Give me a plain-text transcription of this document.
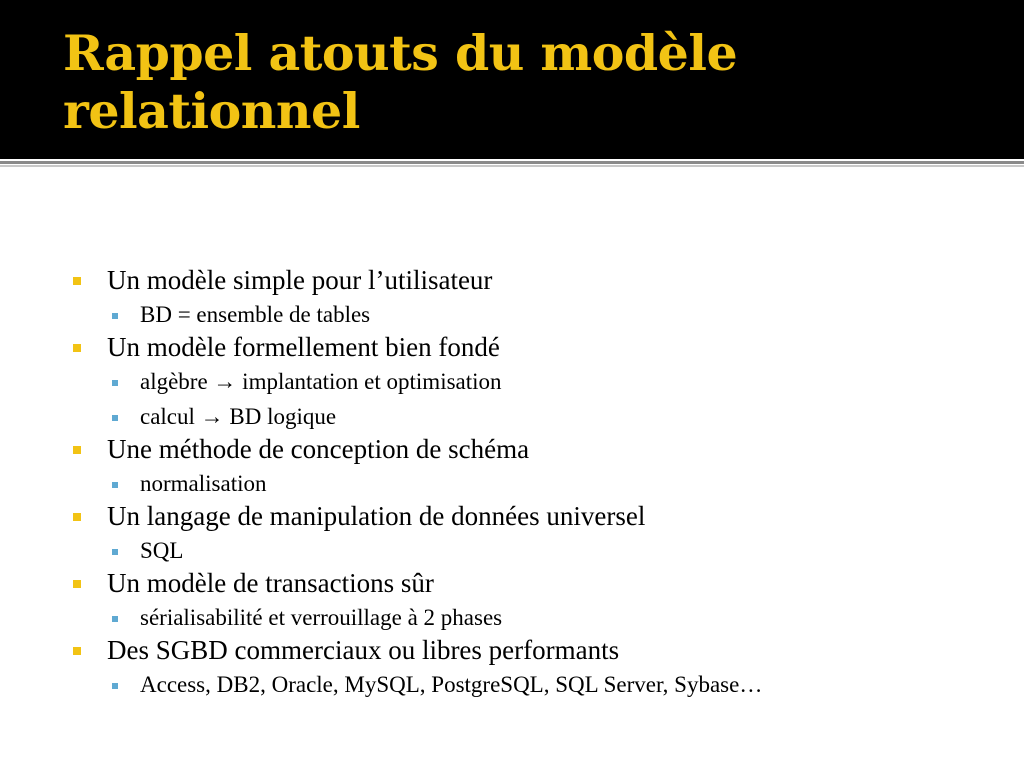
Rappel atouts du modèle relationnel
Un modèle simple pour l’utilisateur
BD = ensemble de tables
Un modèle formellement bien fondé
algèbre → implantation et optimisation
calcul → BD logique
Une méthode de conception de schéma
normalisation
Un langage de manipulation de données universel
SQL
Un modèle de transactions sûr
sérialisabilité et verrouillage à 2 phases
Des SGBD commerciaux ou libres performants
Access, DB2, Oracle, MySQL, PostgreSQL, SQL Server, Sybase…
